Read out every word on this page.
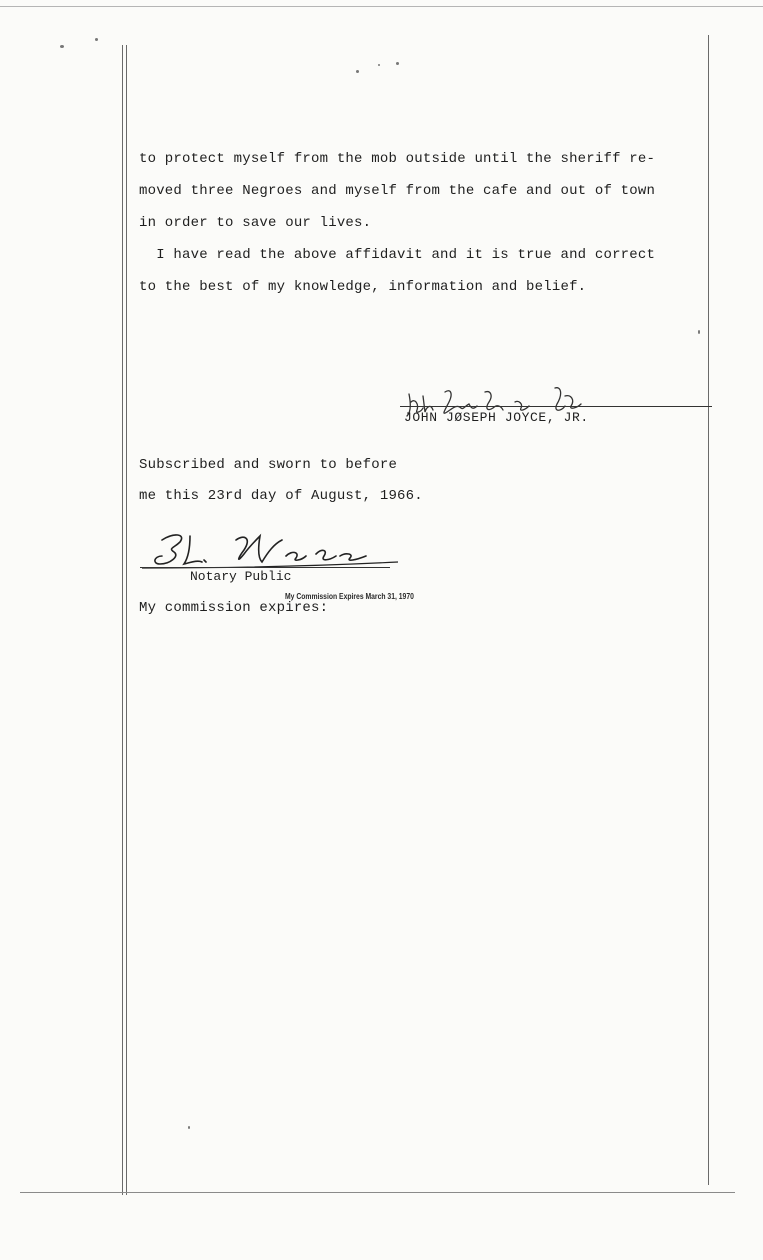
to protect myself from the mob outside until the sheriff re-
moved three Negroes and myself from the cafe and out of town
in order to save our lives.
I have read the above affidavit and it is true and correct
to the best of my knowledge, information and belief.
JOHN JØSEPH JOYCE, JR.
Subscribed and sworn to before
me this 23rd day of August, 1966.
Notary Public
My Commission Expires March 31, 1970
My commission expires:
